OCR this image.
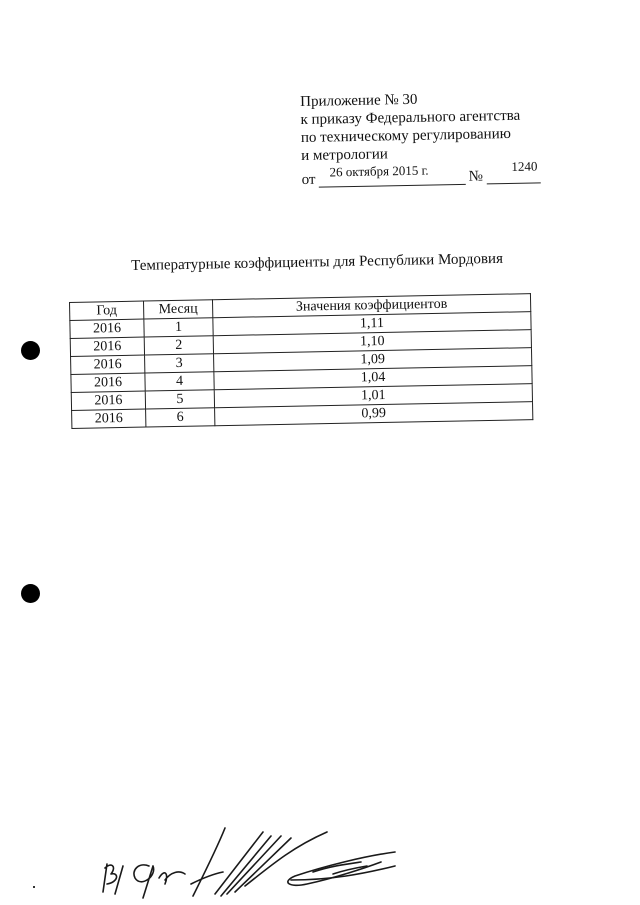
Приложение № 30
к приказу Федерального агентства
по техническому регулированию
и метрологии
от
26 октября 2015 г.	№
1240
Температурные коэффициенты для Республики Мордовия
Год	Месяц	Значения коэффициентов
2016	1	1,11
2016	2	1,10
2016	3	1,09
2016	4	1,04
2016	5	1,01
2016	6	0,99
